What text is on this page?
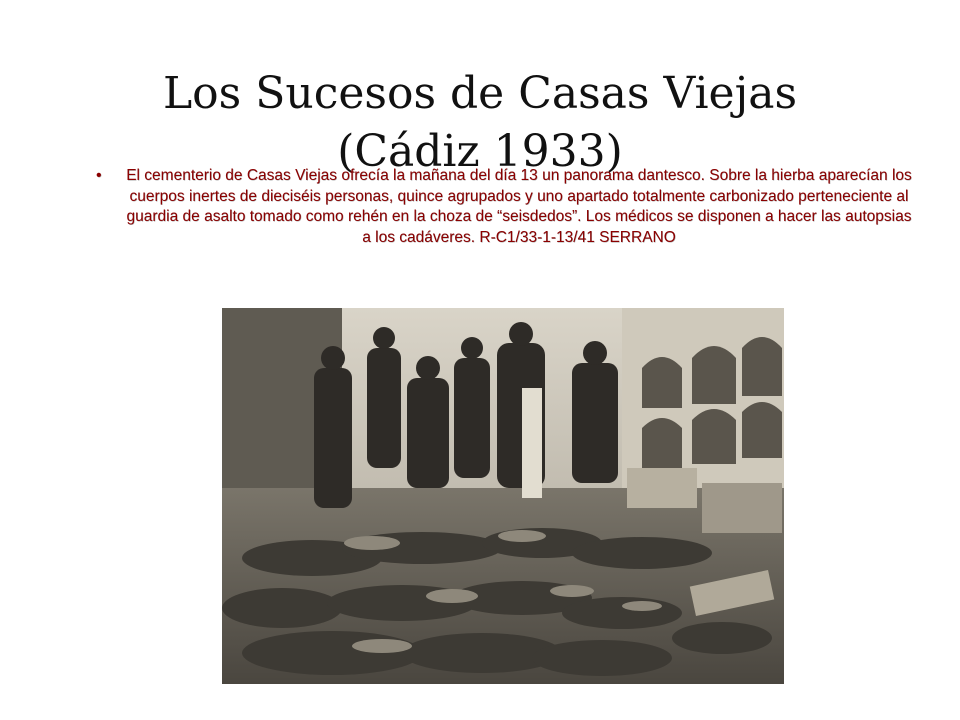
Los Sucesos de Casas Viejas
(Cádiz 1933)
• El cementerio de Casas Viejas ofrecía la mañana del día 13 un panorama dantesco. Sobre la hierba aparecían los cuerpos inertes de dieciséis personas, quince agrupados y uno apartado totalmente carbonizado perteneciente al guardia de asalto tomado como rehén en la choza de “seisdedos”. Los médicos se disponen a hacer las autopsias a los cadáveres. R-C1/33-1-13/41 SERRANO
